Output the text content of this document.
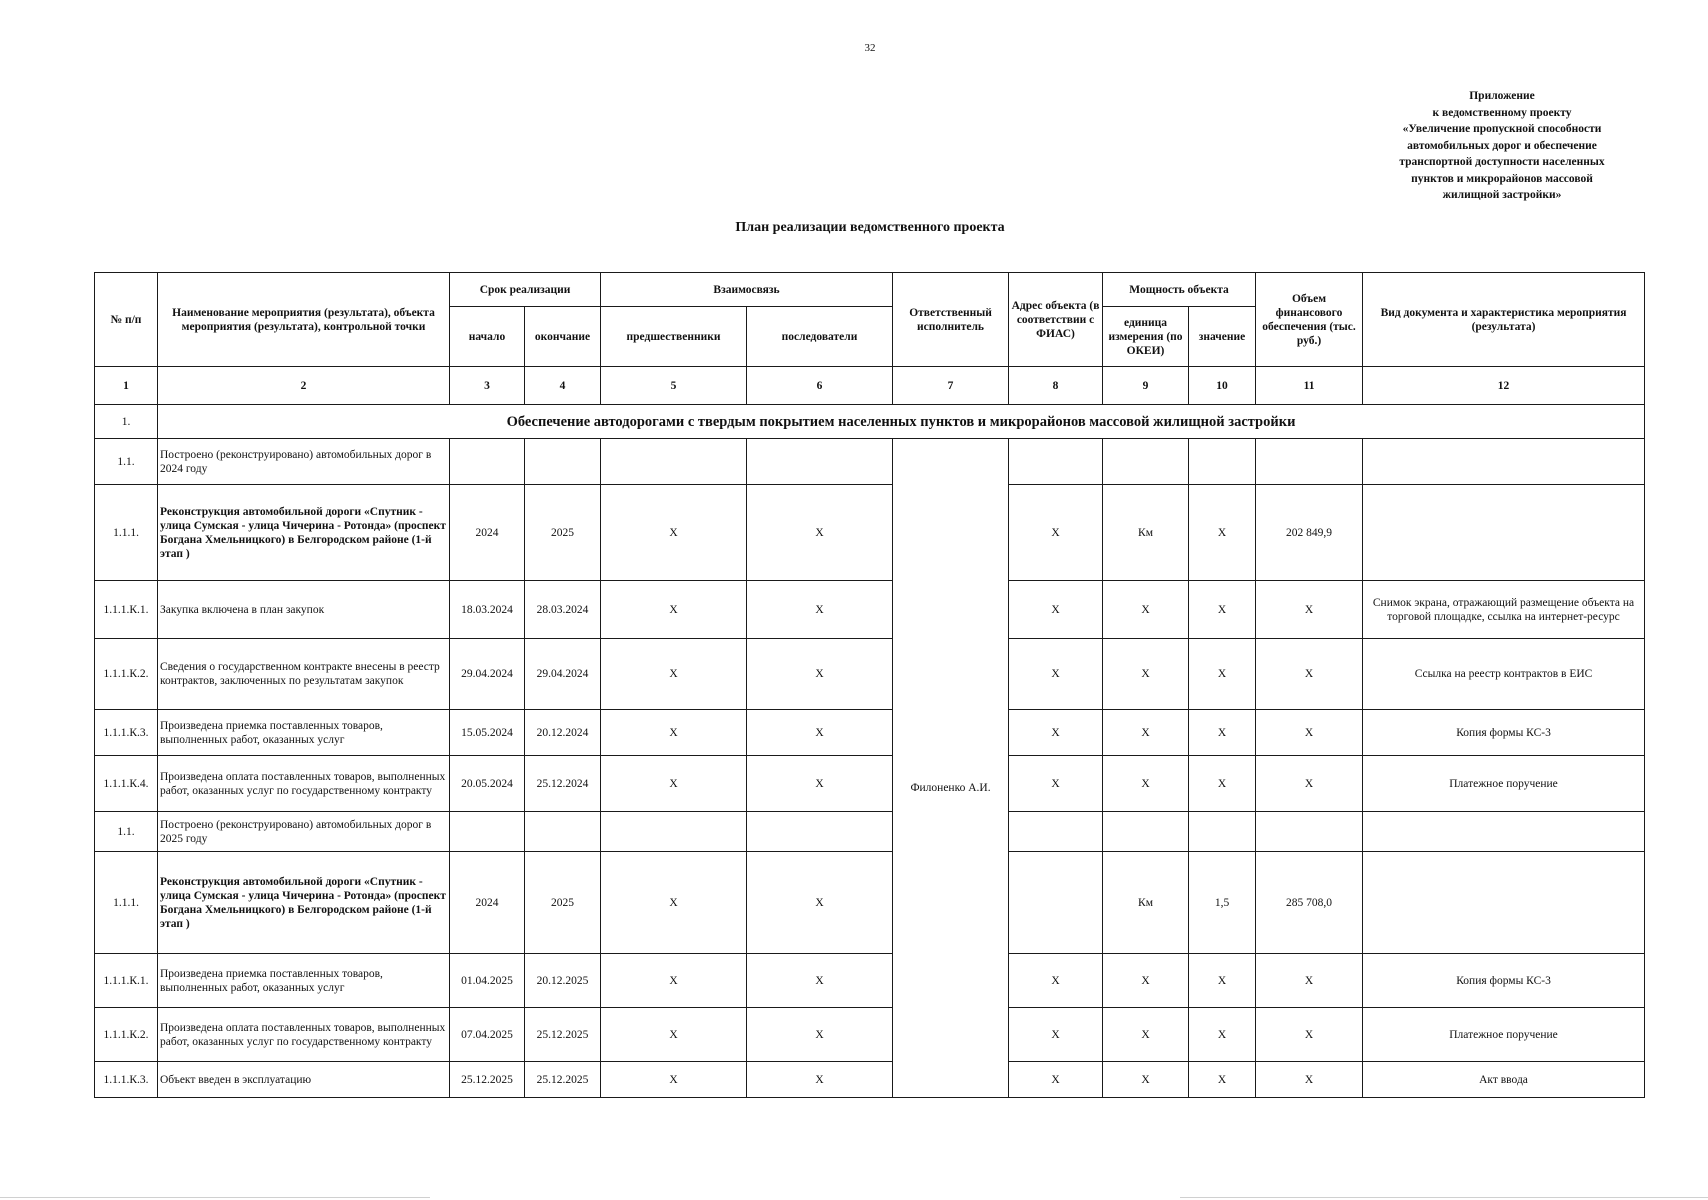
32
Приложение
к ведомственному проекту
«Увеличение пропускной способности
автомобильных дорог и обеспечение
транспортной доступности населенных
пунктов и микрорайонов массовой
жилищной застройки»
План реализации ведомственного проекта
№ п/п	Наименование мероприятия (результата), объекта мероприятия (результата), контрольной точки	Срок реализации		Взаимосвязь		Ответственный исполнитель	Адрес объекта (в соответствии с ФИАС)	Мощность объекта		Объем финансового обеспечения (тыс. руб.)	Вид документа и характеристика мероприятия (результата)
		начало	окончание	предшественники	последователи			единица измерения (по ОКЕИ)	значение		
1	2	3	4	5	6	7	8	9	10	11	12
1.	Обеспечение автодорогами с твердым покрытием населенных пунктов и микрорайонов массовой жилищной застройки										
1.1.	Построено (реконструировано) автомобильных дорог в 2024 году					Филоненко А.И.					
1.1.1.	Реконструкция автомобильной дороги «Спутник - улица Сумская - улица Чичерина - Ротонда» (проспект Богдана Хмельницкого) в Белгородском районе (1-й этап )	2024	2025	Х	Х		Х	Км	Х	202 849,9	
1.1.1.К.1.	Закупка включена в план закупок	18.03.2024	28.03.2024	Х	Х		Х	Х	Х	Х	Снимок экрана, отражающий размещение объекта на торговой площадке, ссылка на интернет-ресурс
1.1.1.К.2.	Сведения о государственном контракте внесены в реестр контрактов, заключенных по результатам закупок	29.04.2024	29.04.2024	Х	Х		Х	Х	Х	Х	Ссылка на реестр контрактов в ЕИС
1.1.1.К.3.	Произведена приемка поставленных товаров, выполненных работ, оказанных услуг	15.05.2024	20.12.2024	Х	Х		Х	Х	Х	Х	Копия формы КС-3
1.1.1.К.4.	Произведена оплата поставленных товаров, выполненных работ, оказанных услуг по государственному контракту	20.05.2024	25.12.2024	Х	Х		Х	Х	Х	Х	Платежное поручение
1.1.	Построено (реконструировано) автомобильных дорог в 2025 году										
1.1.1.	Реконструкция автомобильной дороги «Спутник - улица Сумская - улица Чичерина - Ротонда» (проспект Богдана Хмельницкого) в Белгородском районе (1-й этап )	2024	2025	Х	Х			Км	1,5	285 708,0	
1.1.1.К.1.	Произведена приемка поставленных товаров, выполненных работ, оказанных услуг	01.04.2025	20.12.2025	Х	Х		Х	Х	Х	Х	Копия формы КС-3
1.1.1.К.2.	Произведена оплата поставленных товаров, выполненных работ, оказанных услуг по государственному контракту	07.04.2025	25.12.2025	Х	Х		Х	Х	Х	Х	Платежное поручение
1.1.1.К.3.	Объект введен в эксплуатацию	25.12.2025	25.12.2025	Х	Х		Х	Х	Х	Х	Акт ввода
